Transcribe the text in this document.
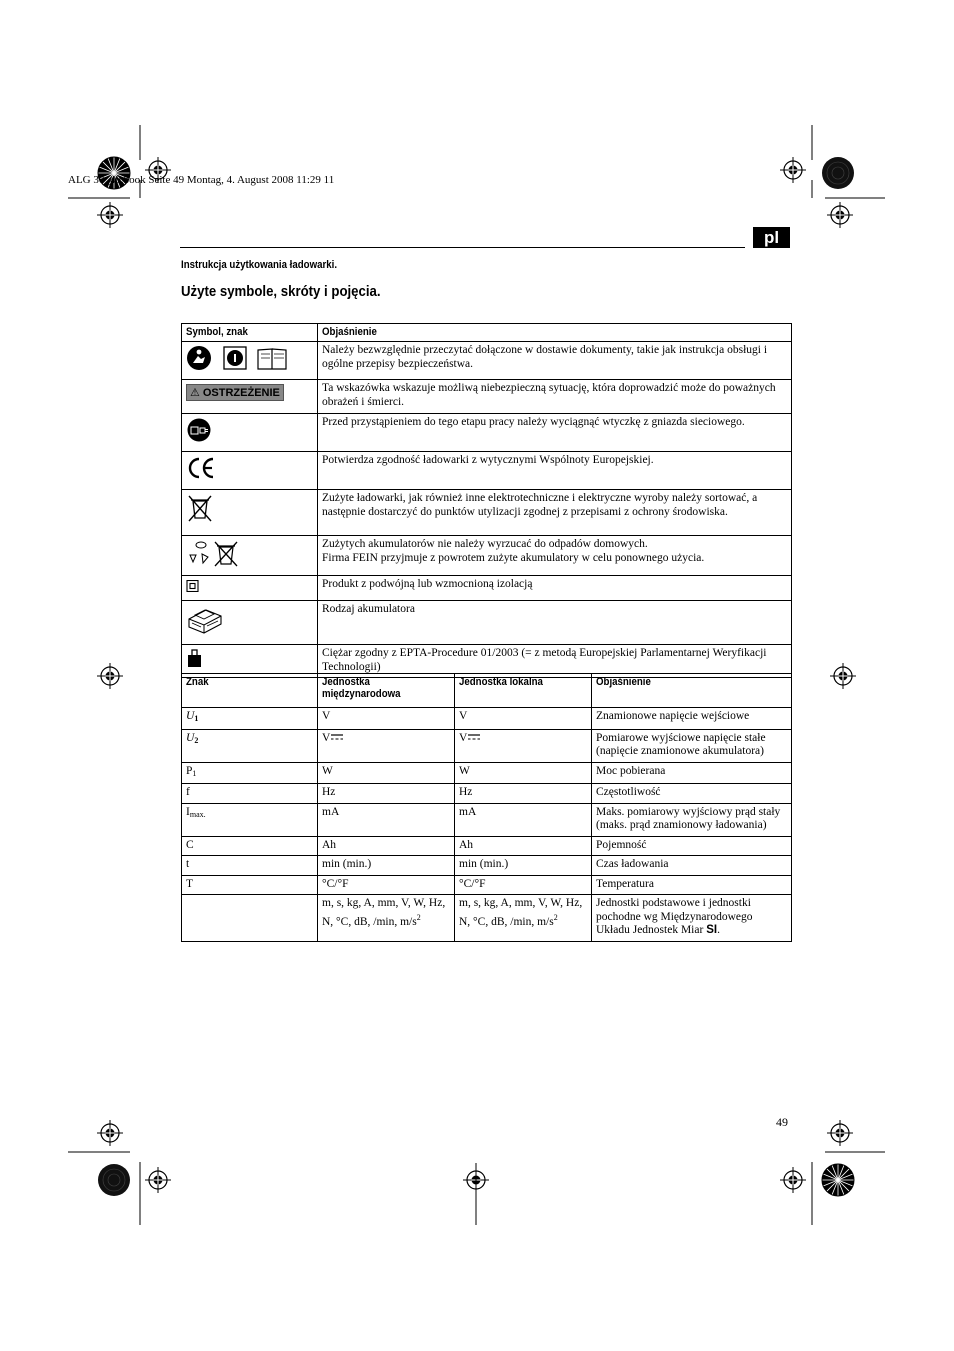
ALG 30_40.book Seite 49 Montag, 4. August 2008 11:29 11
pl
Instrukcja użytkowania ładowarki.
Użyte symbole, skróty i pojęcia.
Symbol, znak	Objaśnienie
	Należy bezwzględnie przeczytać dołączone w dostawie dokumenty, takie jak instrukcja obsługi i ogólne przepisy bezpieczeństwa.

⚠ OSTRZEŻENIE	Ta wskazówka wskazuje możliwą niebezpieczną sytuację, która doprowadzić może do poważnych obrażeń i śmierci.
	Przed przystąpieniem do tego etapu pracy należy wyciągnąć wtyczkę z gniazda sieciowego.
	Potwierdza zgodność ładowarki z wytycznymi Wspólnoty Europejskiej.
	Zużyte ładowarki, jak również inne elektrotechniczne i elektryczne wyroby należy sortować, a następnie dostarczyć do punktów utylizacji zgodnej z przepisami z ochrony środowiska.

Zużytych akumulatorów nie należy wyrzucać do odpadów domowych.
Firma FEIN przyjmuje z powrotem zużyte akumulatory w celu ponownego użycia.

	Produkt z podwójną lub wzmocnioną izolacją
	Rodzaj akumulatora
	Ciężar zgodny z EPTA-Procedure 01/2003 (= z metodą Europejskiej Parlamentarnej Weryfikacji Technologii)
Znak	Jednostka międzynarodowa	Jednostka lokalna	Objaśnienie
$U_1$	V	V	Znamionowe napięcie wejściowe
$U_2$	V	V	Pomiarowe wyjściowe napięcie stałe (napięcie znamionowe akumulatora)
$P_1$	W	W	Moc pobierana
f	Hz	Hz	Częstotliwość
$I_{max.}$	mA	mA	Maks. pomiarowy wyjściowy prąd stały (maks. prąd znamionowy ładowania)
C	Ah	Ah	Pojemność
t	min (min.)	min (min.)	Czas ładowania
T	°C/°F	°C/°F	Temperatura
	m, s, kg, A, mm, V, W, Hz, N, °C, dB, /min, $m/s^2$	m, s, kg, A, mm, V, W, Hz, N, °C, dB, /min, $m/s^2$	Jednostki podstawowe i jednostki pochodne wg Międzynarodowego Układu Jednostek Miar SI.
49
